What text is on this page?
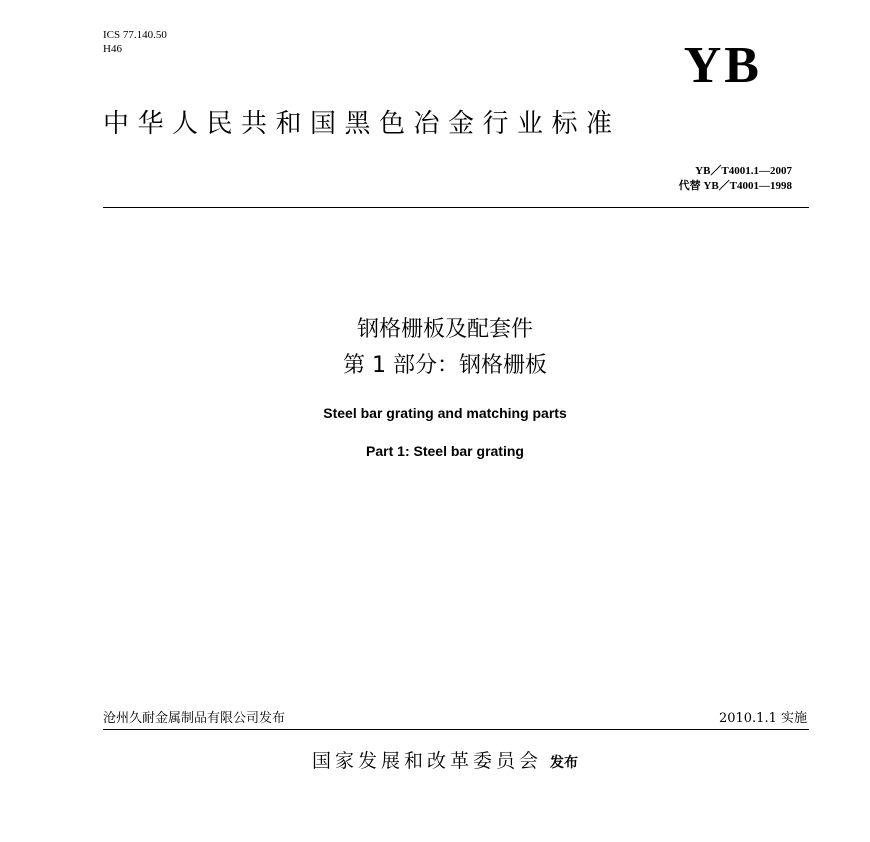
ICS 77.140.50
H46	YB
中华人民共和国黑色冶金行业标准
YB／T4001.1—2007
代替 YB／T4001—1998
钢格栅板及配套件
第 1 部分：钢格栅板
Steel bar grating and matching parts
Part 1: Steel bar grating
沧州久耐金属制品有限公司发布	2010.1.1 实施
国家发展和改革委员会 发布
